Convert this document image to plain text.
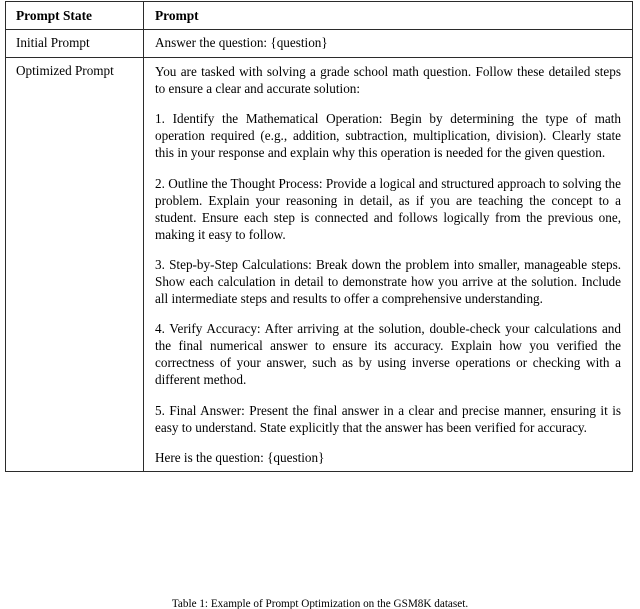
Prompt State	Prompt
Initial Prompt	Answer the question: {question}

Optimized Prompt	You are tasked with solving a grade school math question. Follow these detailed steps to ensure a clear and accurate solution:

1. Identify the Mathematical Operation: Begin by determining the type of math operation required (e.g., addition, subtraction, multiplication, division). Clearly state this in your response and explain why this operation is needed for the given question.

2. Outline the Thought Process: Provide a logical and structured approach to solving the problem. Explain your reasoning in detail, as if you are teaching the concept to a student. Ensure each step is connected and follows logically from the previous one, making it easy to follow.

3. Step-by-Step Calculations: Break down the problem into smaller, manageable steps. Show each calculation in detail to demonstrate how you arrive at the solution. Include all intermediate steps and results to offer a comprehensive understanding.

4. Verify Accuracy: After arriving at the solution, double-check your calculations and the final numerical answer to ensure its accuracy. Explain how you verified the correctness of your answer, such as by using inverse operations or checking with a different method.

5. Final Answer: Present the final answer in a clear and precise manner, ensuring it is easy to understand. State explicitly that the answer has been verified for accuracy.

Here is the question: {question}

Table 1: Example of Prompt Optimization on the GSM8K dataset.
